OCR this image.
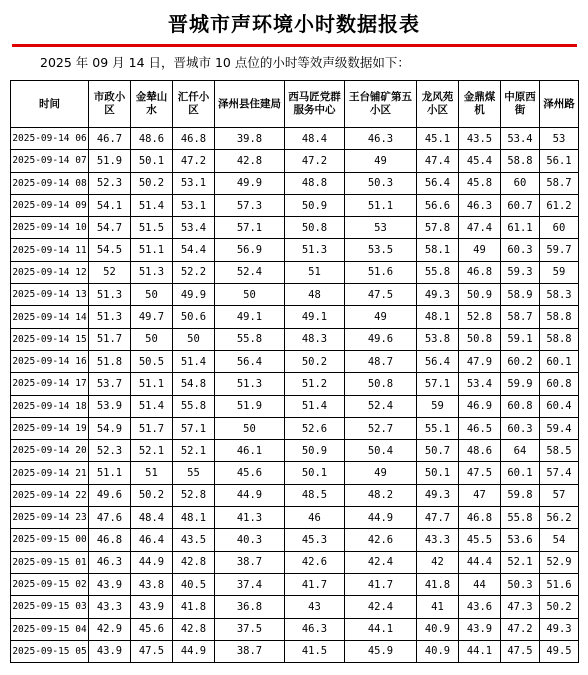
晋城市声环境小时数据报表
2025 年 09 月 14 日，晋城市 10 点位的小时等效声级数据如下：
时间	市政小区	金辇山水	汇仟小区	泽州县住建局	西马匠党群服务中心	王台铺矿第五小区	龙风苑小区	金鼎煤机	中原西街	泽州路
2025-09-14 06	46.7	48.6	46.8	39.8	48.4	46.3	45.1	43.5	53.4	53
2025-09-14 07	51.9	50.1	47.2	42.8	47.2	49	47.4	45.4	58.8	56.1
2025-09-14 08	52.3	50.2	53.1	49.9	48.8	50.3	56.4	45.8	60	58.7
2025-09-14 09	54.1	51.4	53.1	57.3	50.9	51.1	56.6	46.3	60.7	61.2
2025-09-14 10	54.7	51.5	53.4	57.1	50.8	53	57.8	47.4	61.1	60
2025-09-14 11	54.5	51.1	54.4	56.9	51.3	53.5	58.1	49	60.3	59.7
2025-09-14 12	52	51.3	52.2	52.4	51	51.6	55.8	46.8	59.3	59
2025-09-14 13	51.3	50	49.9	50	48	47.5	49.3	50.9	58.9	58.3
2025-09-14 14	51.3	49.7	50.6	49.1	49.1	49	48.1	52.8	58.7	58.8
2025-09-14 15	51.7	50	50	55.8	48.3	49.6	53.8	50.8	59.1	58.8
2025-09-14 16	51.8	50.5	51.4	56.4	50.2	48.7	56.4	47.9	60.2	60.1
2025-09-14 17	53.7	51.1	54.8	51.3	51.2	50.8	57.1	53.4	59.9	60.8
2025-09-14 18	53.9	51.4	55.8	51.9	51.4	52.4	59	46.9	60.8	60.4
2025-09-14 19	54.9	51.7	57.1	50	52.6	52.7	55.1	46.5	60.3	59.4
2025-09-14 20	52.3	52.1	52.1	46.1	50.9	50.4	50.7	48.6	64	58.5
2025-09-14 21	51.1	51	55	45.6	50.1	49	50.1	47.5	60.1	57.4
2025-09-14 22	49.6	50.2	52.8	44.9	48.5	48.2	49.3	47	59.8	57
2025-09-14 23	47.6	48.4	48.1	41.3	46	44.9	47.7	46.8	55.8	56.2
2025-09-15 00	46.8	46.4	43.5	40.3	45.3	42.6	43.3	45.5	53.6	54
2025-09-15 01	46.3	44.9	42.8	38.7	42.6	42.4	42	44.4	52.1	52.9
2025-09-15 02	43.9	43.8	40.5	37.4	41.7	41.7	41.8	44	50.3	51.6
2025-09-15 03	43.3	43.9	41.8	36.8	43	42.4	41	43.6	47.3	50.2
2025-09-15 04	42.9	45.6	42.8	37.5	46.3	44.1	40.9	43.9	47.2	49.3
2025-09-15 05	43.9	47.5	44.9	38.7	41.5	45.9	40.9	44.1	47.5	49.5
